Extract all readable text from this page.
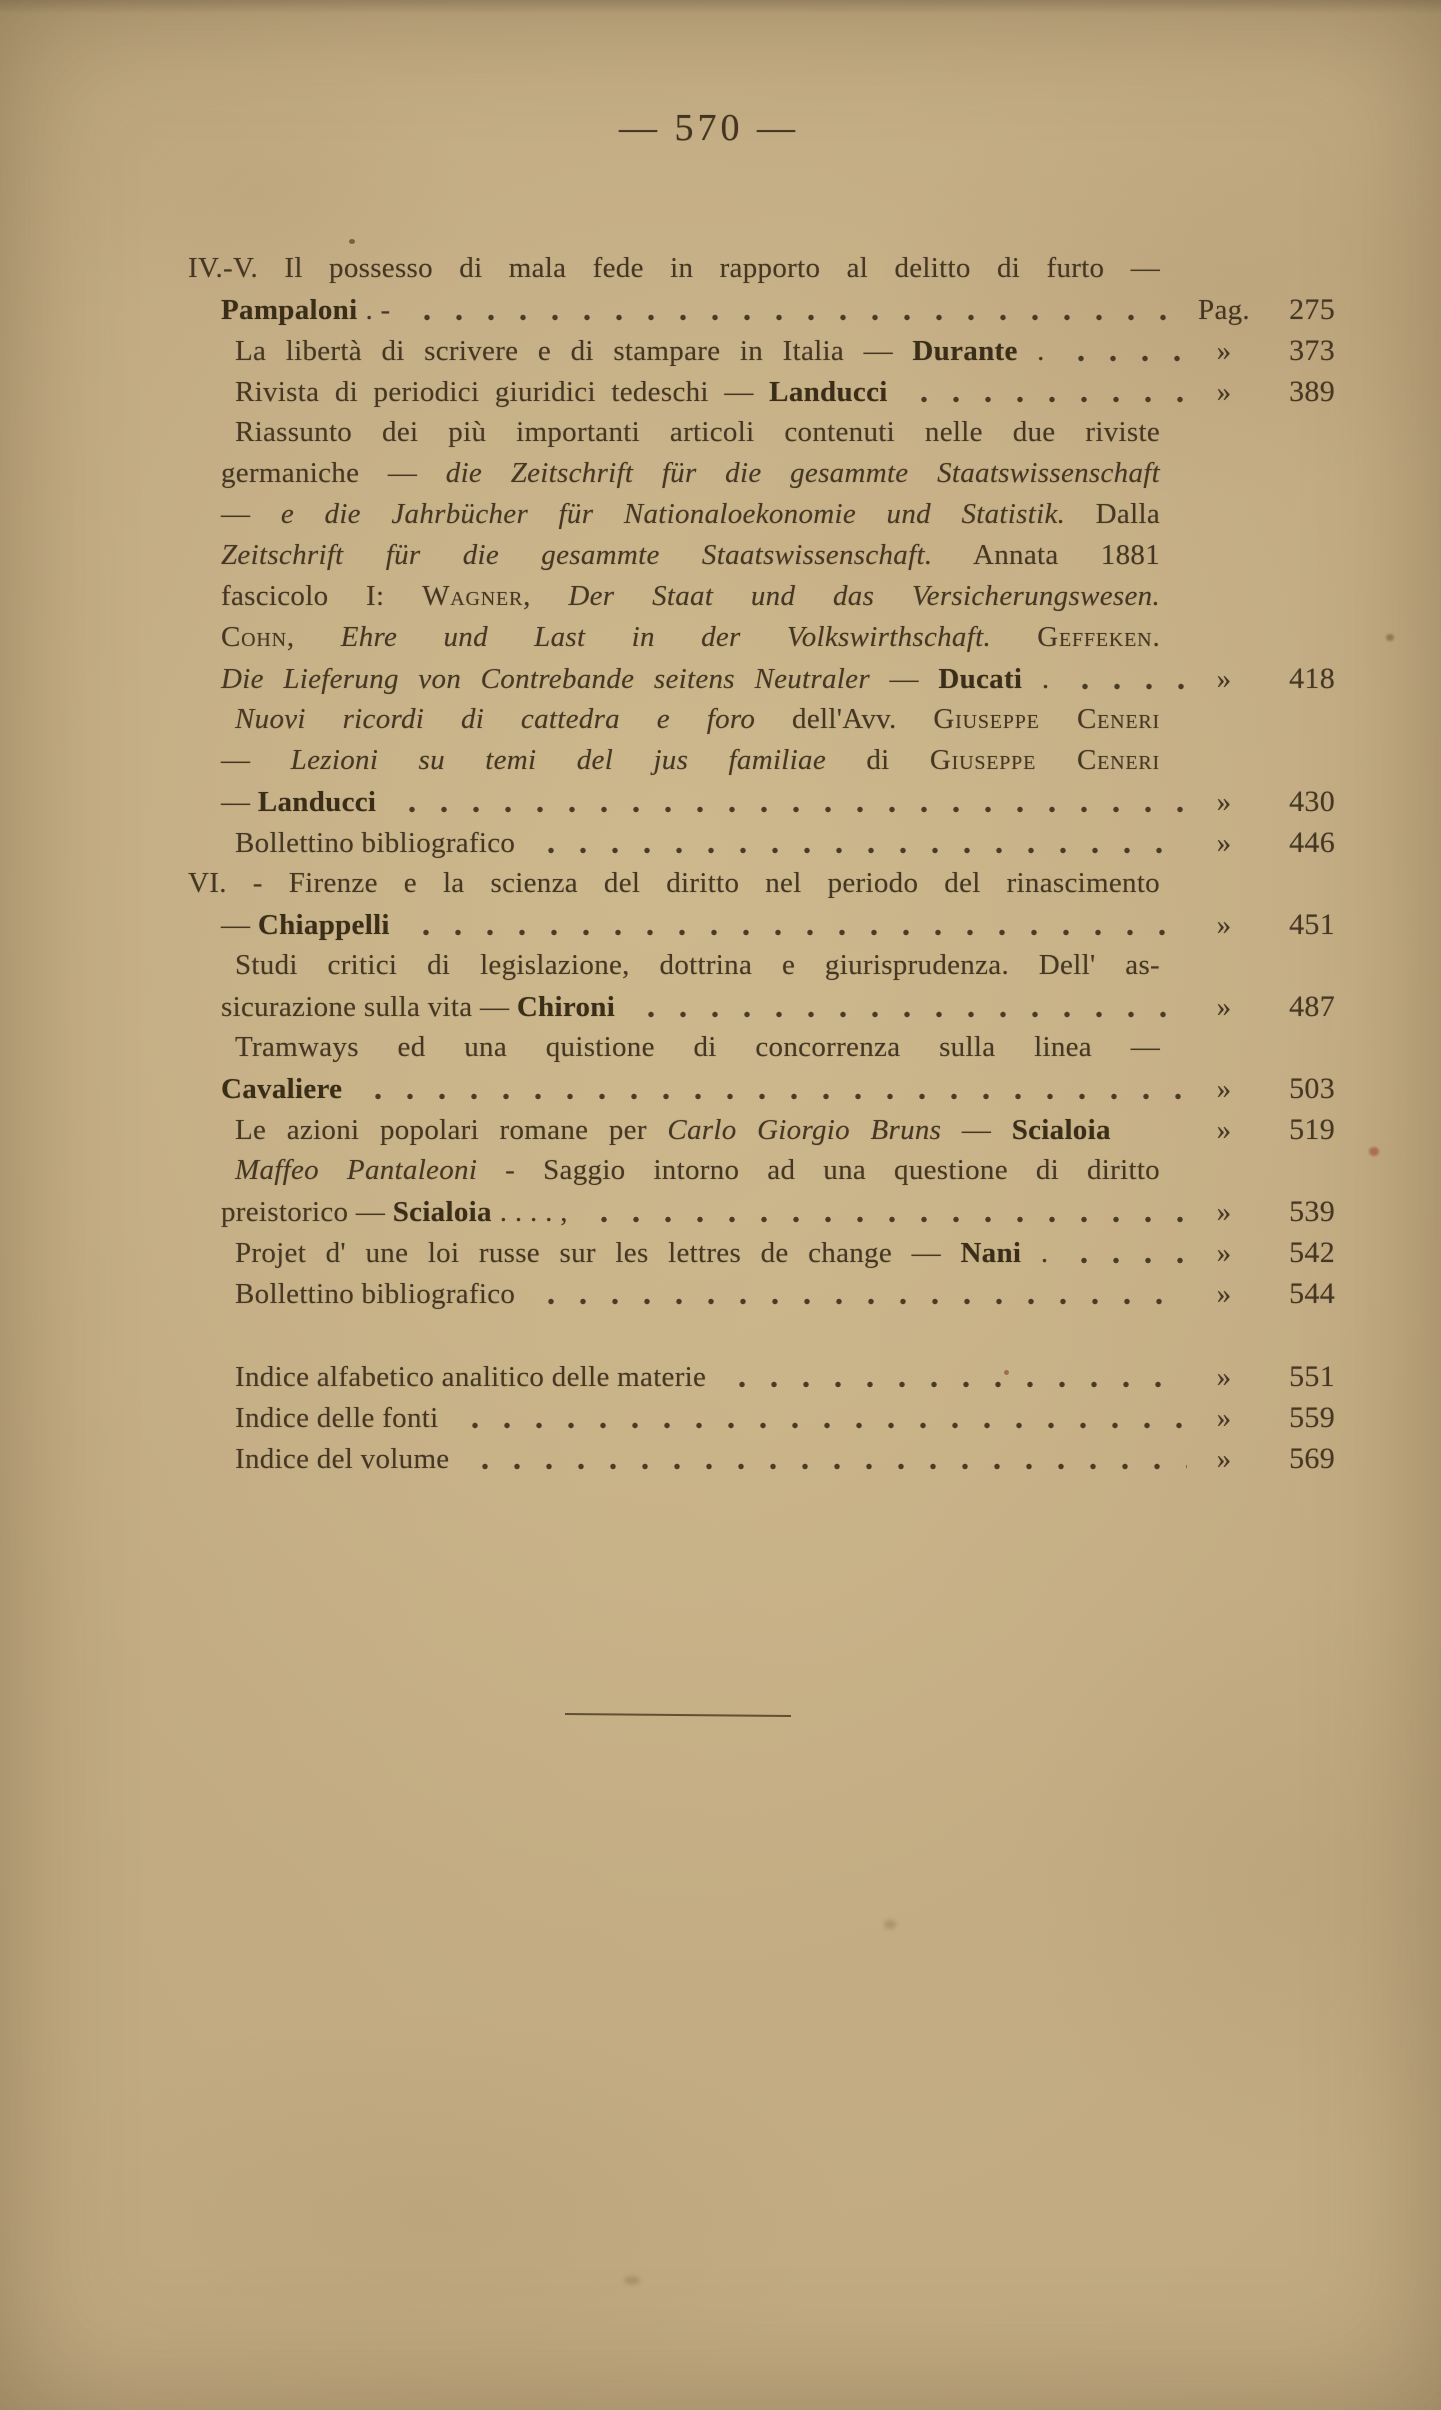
— 570 —
IV.-V. Il possesso di mala fede in rapporto al delitto di furto —
Pampaloni . -	Pag.	275
La libertà di scrivere e di stampare in Italia — Durante .	»	373
Rivista di periodici giuridici tedeschi — Landucci	»	389
Riassunto dei più importanti articoli contenuti nelle due riviste
germaniche — die Zeitschrift für die gesammte Staatswissenschaft
— e die Jahrbücher für Nationaloekonomie und Statistik. Dalla
Zeitschrift für die gesammte Staatswissenschaft. Annata 1881
fascicolo I: Wagner, Der Staat und das Versicherungswesen.
Cohn, Ehre und Last in der Volkswirthschaft. Geffeken.
Die Lieferung von Contrebande seitens Neutraler — Ducati .	»	418
Nuovi ricordi di cattedra e foro dell'Avv. Giuseppe Ceneri
— Lezioni su temi del jus familiae di Giuseppe Ceneri
— Landucci	»	430
Bollettino bibliografico	»	446
VI. - Firenze e la scienza del diritto nel periodo del rinascimento
— Chiappelli	»	451
Studi critici di legislazione, dottrina e giurisprudenza. Dell' as-
sicurazione sulla vita — Chironi	»	487
Tramways ed una quistione di concorrenza sulla linea —
Cavaliere	»	503
Le azioni popolari romane per Carlo Giorgio Bruns — Scialoia	»	519
Maffeo Pantaleoni - Saggio intorno ad una questione di diritto
preistorico — Scialoia . . . . ,	»	539
Projet d' une loi russe sur les lettres de change — Nani .	»	542
Bollettino bibliografico	»	544
Indice alfabetico analitico delle materie	»	551
Indice delle fonti	»	559
Indice del volume	»	569
